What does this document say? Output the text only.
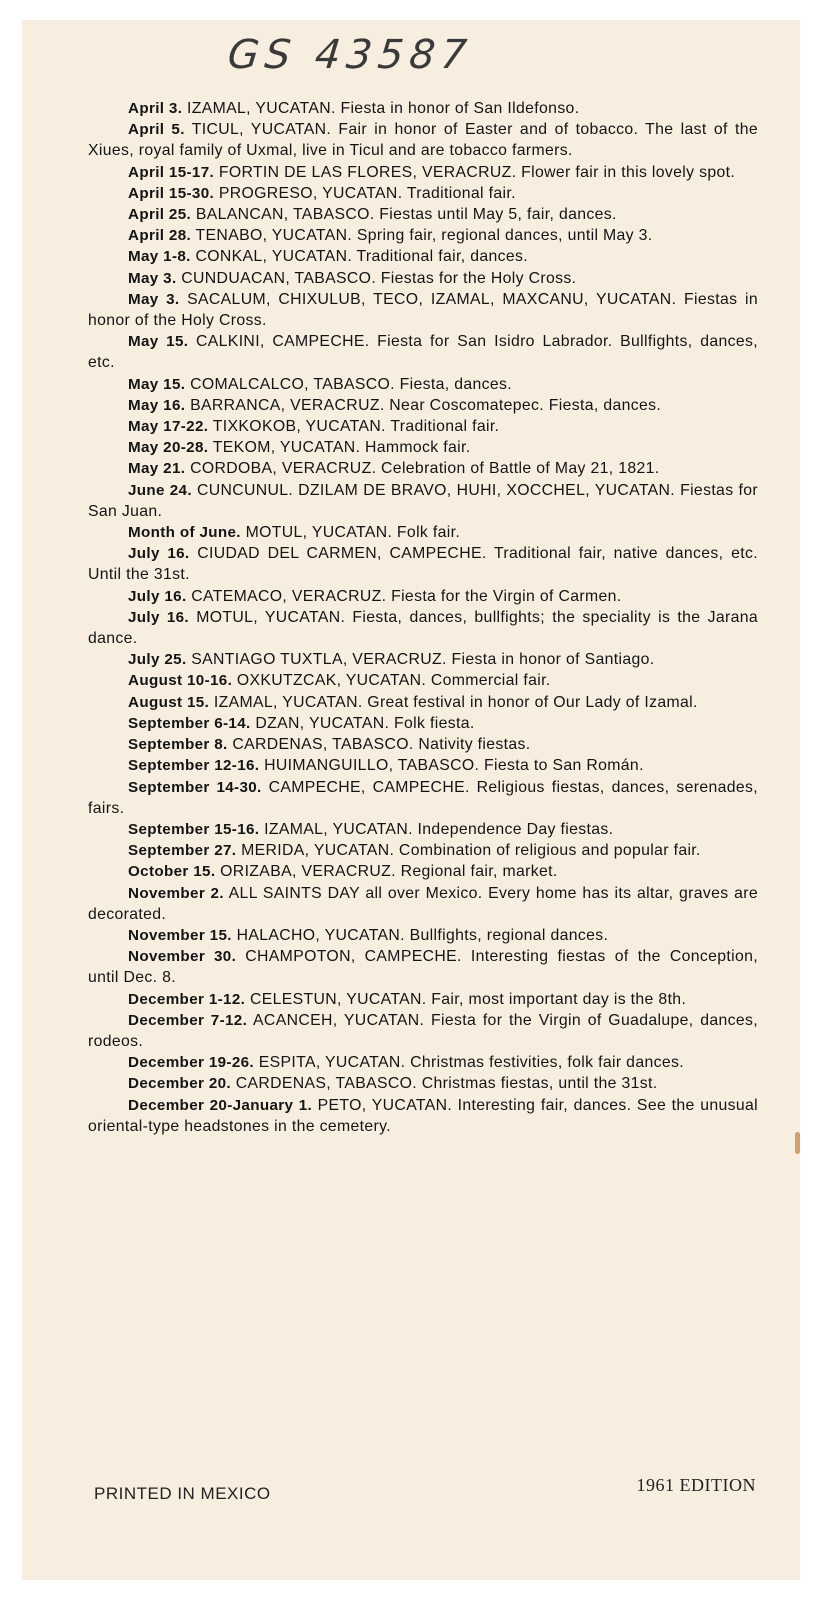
GS 43587

April 3. IZAMAL, YUCATAN. Fiesta in honor of San Ildefonso.

April 5. TICUL, YUCATAN. Fair in honor of Easter and of tobacco. The last of the Xiues, royal family of Uxmal, live in Ticul and are tobacco farmers.

April 15-17. FORTIN DE LAS FLORES, VERACRUZ. Flower fair in this lovely spot.

April 15-30. PROGRESO, YUCATAN. Traditional fair.

April 25. BALANCAN, TABASCO. Fiestas until May 5, fair, dances.

April 28. TENABO, YUCATAN. Spring fair, regional dances, until May 3.

May 1-8. CONKAL, YUCATAN. Traditional fair, dances.

May 3. CUNDUACAN, TABASCO. Fiestas for the Holy Cross.

May 3. SACALUM, CHIXULUB, TECO, IZAMAL, MAXCANU, YUCATAN. Fiestas in honor of the Holy Cross.

May 15. CALKINI, CAMPECHE. Fiesta for San Isidro Labrador. Bullfights, dances, etc.

May 15. COMALCALCO, TABASCO. Fiesta, dances.

May 16. BARRANCA, VERACRUZ. Near Coscomatepec. Fiesta, dances.

May 17-22. TIXKOKOB, YUCATAN. Traditional fair.

May 20-28. TEKOM, YUCATAN. Hammock fair.

May 21. CORDOBA, VERACRUZ. Celebration of Battle of May 21, 1821.

June 24. CUNCUNUL. DZILAM DE BRAVO, HUHI, XOCCHEL, YUCATAN. Fiestas for San Juan.

Month of June. MOTUL, YUCATAN. Folk fair.

July 16. CIUDAD DEL CARMEN, CAMPECHE. Traditional fair, native dances, etc. Until the 31st.

July 16. CATEMACO, VERACRUZ. Fiesta for the Virgin of Carmen.

July 16. MOTUL, YUCATAN. Fiesta, dances, bullfights; the speciality is the Jarana dance.

July 25. SANTIAGO TUXTLA, VERACRUZ. Fiesta in honor of Santiago.

August 10-16. OXKUTZCAK, YUCATAN. Commercial fair.

August 15. IZAMAL, YUCATAN. Great festival in honor of Our Lady of Izamal.

September 6-14. DZAN, YUCATAN. Folk fiesta.

September 8. CARDENAS, TABASCO. Nativity fiestas.

September 12-16. HUIMANGUILLO, TABASCO. Fiesta to San Román.

September 14-30. CAMPECHE, CAMPECHE. Religious fiestas, dances, serenades, fairs.

September 15-16. IZAMAL, YUCATAN. Independence Day fiestas.

September 27. MERIDA, YUCATAN. Combination of religious and popular fair.

October 15. ORIZABA, VERACRUZ. Regional fair, market.

November 2. ALL SAINTS DAY all over Mexico. Every home has its altar, graves are decorated.

November 15. HALACHO, YUCATAN. Bullfights, regional dances.

November 30. CHAMPOTON, CAMPECHE. Interesting fiestas of the Conception, until Dec. 8.

December 1-12. CELESTUN, YUCATAN. Fair, most important day is the 8th.

December 7-12. ACANCEH, YUCATAN. Fiesta for the Virgin of Guadalupe, dances, rodeos.

December 19-26. ESPITA, YUCATAN. Christmas festivities, folk fair dances.

December 20. CARDENAS, TABASCO. Christmas fiestas, until the 31st.

December 20-January 1. PETO, YUCATAN. Interesting fair, dances. See the unusual oriental-type headstones in the cemetery.

PRINTED IN MEXICO	1961 EDITION
